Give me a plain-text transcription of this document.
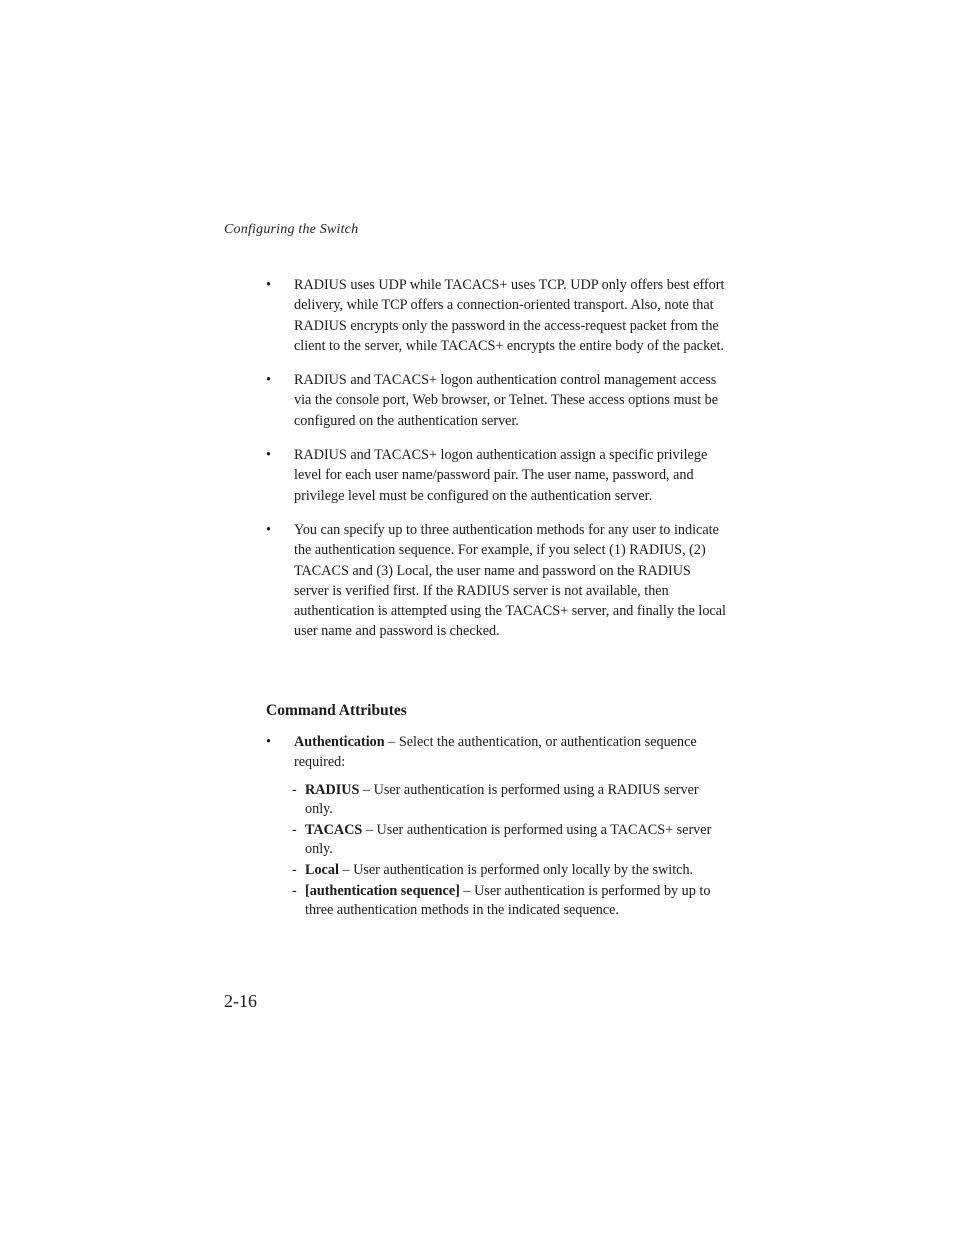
Configuring the Switch
• RADIUS uses UDP while TACACS+ uses TCP. UDP only offers best effort delivery, while TCP offers a connection-oriented transport. Also, note that RADIUS encrypts only the password in the access-request packet from the client to the server, while TACACS+ encrypts the entire body of the packet.
• RADIUS and TACACS+ logon authentication control management access via the console port, Web browser, or Telnet. These access options must be configured on the authentication server.
• RADIUS and TACACS+ logon authentication assign a specific privilege level for each user name/password pair. The user name, password, and privilege level must be configured on the authentication server.
• You can specify up to three authentication methods for any user to indicate the authentication sequence. For example, if you select (1) RADIUS, (2) TACACS and (3) Local, the user name and password on the RADIUS server is verified first. If the RADIUS server is not available, then authentication is attempted using the TACACS+ server, and finally the local user name and password is checked.
Command Attributes
• Authentication – Select the authentication, or authentication sequence required:
- RADIUS – User authentication is performed using a RADIUS server only.
- TACACS – User authentication is performed using a TACACS+ server only.
- Local – User authentication is performed only locally by the switch.
- [authentication sequence] – User authentication is performed by up to three authentication methods in the indicated sequence.
2-16
